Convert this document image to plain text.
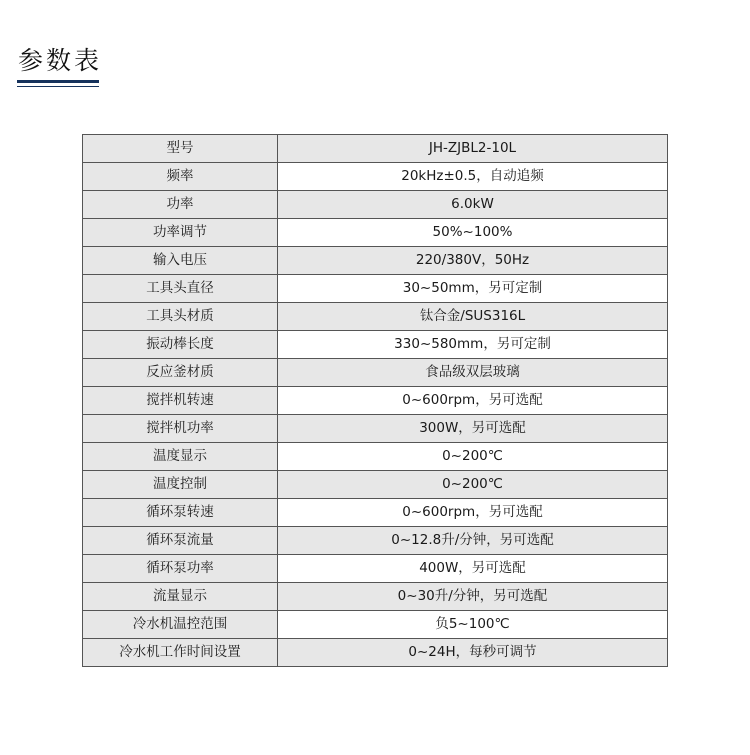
参数表
型号	JH-ZJBL2-10L
频率	20kHz±0.5，自动追频
功率	6.0kW
功率调节	50%~100%
输入电压	220/380V，50Hz
工具头直径	30~50mm，另可定制
工具头材质	钛合金/SUS316L
振动棒长度	330~580mm，另可定制
反应釜材质	食品级双层玻璃
搅拌机转速	0~600rpm，另可选配
搅拌机功率	300W，另可选配
温度显示	0~200℃
温度控制	0~200℃
循环泵转速	0~600rpm，另可选配
循环泵流量	0~12.8升/分钟，另可选配
循环泵功率	400W，另可选配
流量显示	0~30升/分钟，另可选配
冷水机温控范围	负5~100℃
冷水机工作时间设置	0~24H，每秒可调节
